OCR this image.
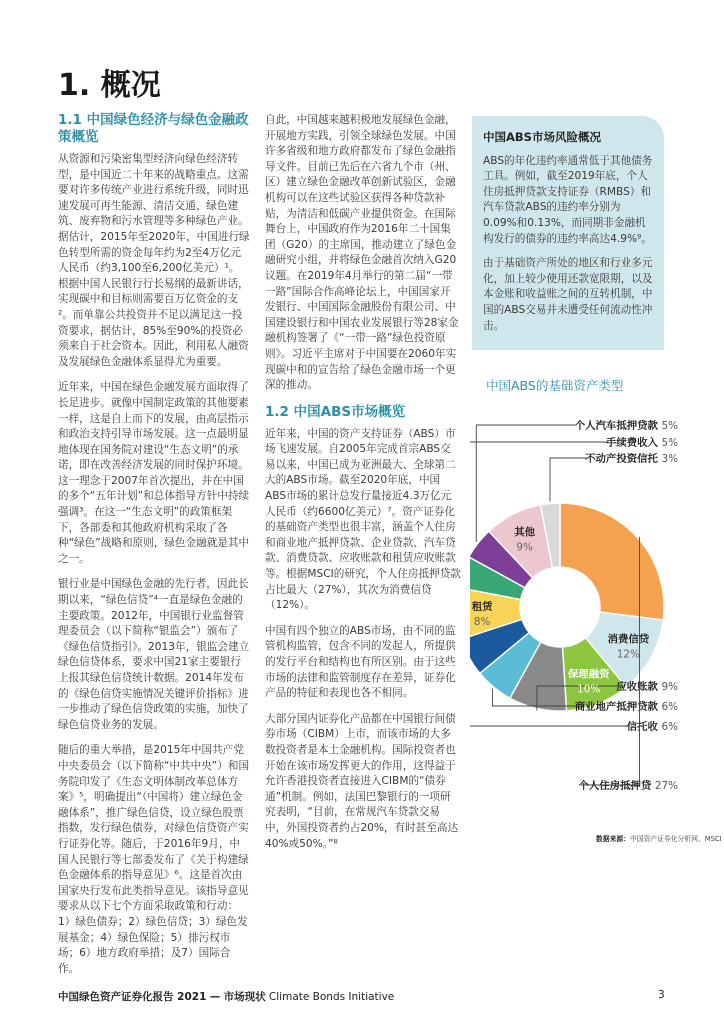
1. 概况
1.1 中国绿色经济与绿色金融政策概览

从资源和污染密集型经济向绿色经济转型，是中国近二十年来的战略重点。这需要对许多传统产业进行系统升级，同时迅速发展可再生能源、清洁交通、绿色建筑、废弃物和污水管理等多种绿色产业。据估计，2015年至2020年，中国进行绿色转型所需的资金每年约为2至4万亿元人民币（约3,100至6,200亿美元）¹。根据中国人民银行行长易纲的最新讲话，实现碳中和目标则需要百万亿资金的支²。而单靠公共投资并不足以满足这一投资要求，据估计，85%至90%的投资必须来自于社会资本。因此，利用私人融资及发展绿色金融体系显得尤为重要。

近年来，中国在绿色金融发展方面取得了长足进步。就像中国制定政策的其他要素一样，这是自上而下的发展，由高层指示和政治支持引导市场发展。这一点最明显地体现在国务院对建设“生态文明”的承诺，即在改善经济发展的同时保护环境。这一理念于2007年首次提出，并在中国的多个“五年计划”和总体指导方针中持续强调³。在这一“生态文明”的政策框架下，各部委和其他政府机构采取了各种“绿色”战略和原则，绿色金融就是其中之一。

银行业是中国绿色金融的先行者，因此长期以来，“绿色信贷”⁴一直是绿色金融的主要政策。2012年，中国银行业监督管理委员会（以下简称“银监会”）颁布了《绿色信贷指引》。2013年，银监会建立绿色信贷体系，要求中国21家主要银行上报其绿色信贷统计数据。2014年发布的《绿色信贷实施情况关键评价指标》进一步推动了绿色信贷政策的实施，加快了绿色信贷业务的发展。

随后的重大举措，是2015年中国共产党中央委员会（以下简称“中共中央”）和国务院印发了《生态文明体制改革总体方案》⁵，明确提出“（中国将）建立绿色金融体系”，推广绿色信贷，设立绿色股票指数，发行绿色债券，对绿色信贷资产实行证券化等。随后，于2016年9月，中国人民银行等七部委发布了《关于构建绿色金融体系的指导意见》⁶。这是首次由国家央行发布此类指导意见。该指导意见要求从以下七个方面采取政策和行动：1）绿色债券；2）绿色信贷；3）绿色发展基金；4）绿色保险；5）排污权市场；6）地方政府举措；及7）国际合作。

自此，中国越来越积极地发展绿色金融，开展地方实践，引领全球绿色发展。中国许多省级和地方政府都发布了绿色金融指导文件。目前已先后在六省九个市（州、区）建立绿色金融改革创新试验区，金融机构可以在这些试验区获得各种贷款补贴，为清洁和低碳产业提供资金。在国际舞台上，中国政府作为2016年二十国集团（G20）的主席国，推动建立了绿色金融研究小组，并将绿色金融首次纳入G20议题。在2019年4月举行的第二届“一带一路”国际合作高峰论坛上，中国国家开发银行、中国国际金融股份有限公司、中国建设银行和中国农业发展银行等28家金融机构签署了《“一带一路”绿色投资原则》。习近平主席对于中国要在2060年实现碳中和的宣告给了绿色金融市场一个更深的推动。

1.2 中国ABS市场概览

近年来，中国的资产支持证券（ABS）市场飞速发展。自2005年完成首宗ABS交易以来，中国已成为亚洲最大、全球第二大的ABS市场。截至2020年底，中国ABS市场的累计总发行量接近4.3万亿元人民币（约6600亿美元）⁷。资产证券化的基础资产类型也很丰富，涵盖个人住房和商业地产抵押贷款、企业贷款、汽车贷款、消费贷款、应收账款和租赁应收账款等。根据MSCI的研究，个人住房抵押贷款占比最大（27%），其次为消费信贷（12%）。

中国有四个独立的ABS市场，由不同的监管机构监管，包含不同的发起人，所提供的发行平台和结构也有所区别。由于这些市场的法律和监管制度存在差异，证券化产品的特征和表现也各不相同。

大部分国内证券化产品都在中国银行间债券市场（CIBM）上市，而该市场的大多数投资者是本土金融机构。国际投资者也开始在该市场发挥更大的作用，这得益于允许香港投资者直接进入CIBM的“债券通”机制。例如，法国巴黎银行的一项研究表明，“目前，在常规汽车贷款交易中，外国投资者约占20%，有时甚至高达40%或50%。”⁸

中国ABS市场风险概况

ABS的年化违约率通常低于其他债务工具。例如，截至2019年底，个人住房抵押贷款支持证券（RMBS）和汽车贷款ABS的违约率分别为0.09%和0.13%，而同期非金融机构发行的债券的违约率高达4.9%⁹。

由于基础资产所处的地区和行业多元化，加上较少使用还款宽限期，以及本金账和收益账之间的互转机制，中国的ABS交易并未遭受任何流动性冲击。

中国ABS的基础资产类型
个人汽车抵押贷款 5%
手续费收入 5%
不动产投资信托 3%
应收账款 9%
商业地产抵押贷款 6%
信托收 6%
个人住房抵押贷 27%
消费信贷
12%
保理融资
10%
租赁
8%
其他
9%
数据来源：中国资产证券化分析网，MSCI
中国绿色资产证券化报告 2021 — 市场现状 Climate Bonds Initiative	3
